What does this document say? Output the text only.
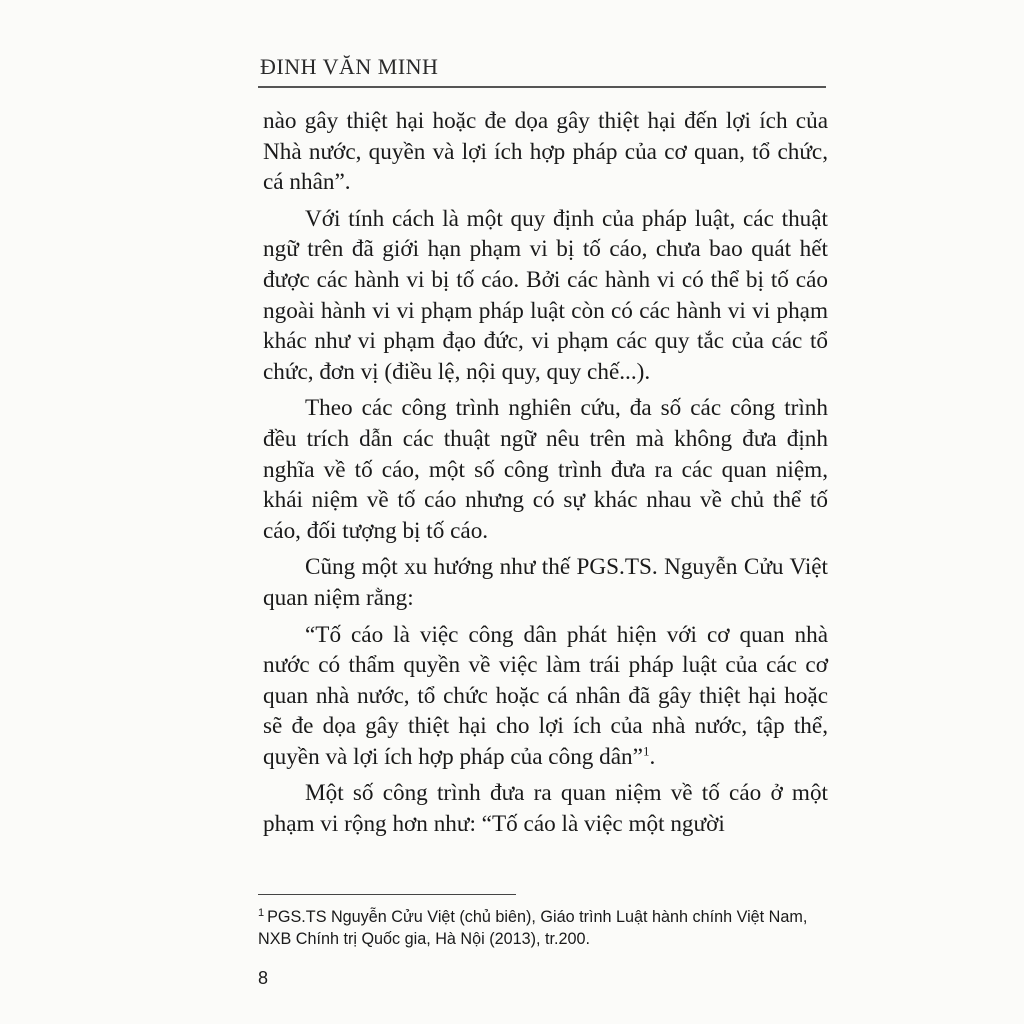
ĐINH VĂN MINH

nào gây thiệt hại hoặc đe dọa gây thiệt hại đến lợi ích của Nhà nước, quyền và lợi ích hợp pháp của cơ quan, tổ chức, cá nhân”.

Với tính cách là một quy định của pháp luật, các thuật ngữ trên đã giới hạn phạm vi bị tố cáo, chưa bao quát hết được các hành vi bị tố cáo. Bởi các hành vi có thể bị tố cáo ngoài hành vi vi phạm pháp luật còn có các hành vi vi phạm khác như vi phạm đạo đức, vi phạm các quy tắc của các tổ chức, đơn vị (điều lệ, nội quy, quy chế...).

Theo các công trình nghiên cứu, đa số các công trình đều trích dẫn các thuật ngữ nêu trên mà không đưa định nghĩa về tố cáo, một số công trình đưa ra các quan niệm, khái niệm về tố cáo nhưng có sự khác nhau về chủ thể tố cáo, đối tượng bị tố cáo.

Cũng một xu hướng như thế PGS.TS. Nguyễn Cửu Việt quan niệm rằng:

“Tố cáo là việc công dân phát hiện với cơ quan nhà nước có thẩm quyền về việc làm trái pháp luật của các cơ quan nhà nước, tổ chức hoặc cá nhân đã gây thiệt hại hoặc sẽ đe dọa gây thiệt hại cho lợi ích của nhà nước, tập thể, quyền và lợi ích hợp pháp của công dân”$^1$.

Một số công trình đưa ra quan niệm về tố cáo ở một phạm vi rộng hơn như: “Tố cáo là việc một người

$^1$ PGS.TS Nguyễn Cửu Việt (chủ biên), Giáo trình Luật hành chính Việt Nam, NXB Chính trị Quốc gia, Hà Nội (2013), tr.200.
8
